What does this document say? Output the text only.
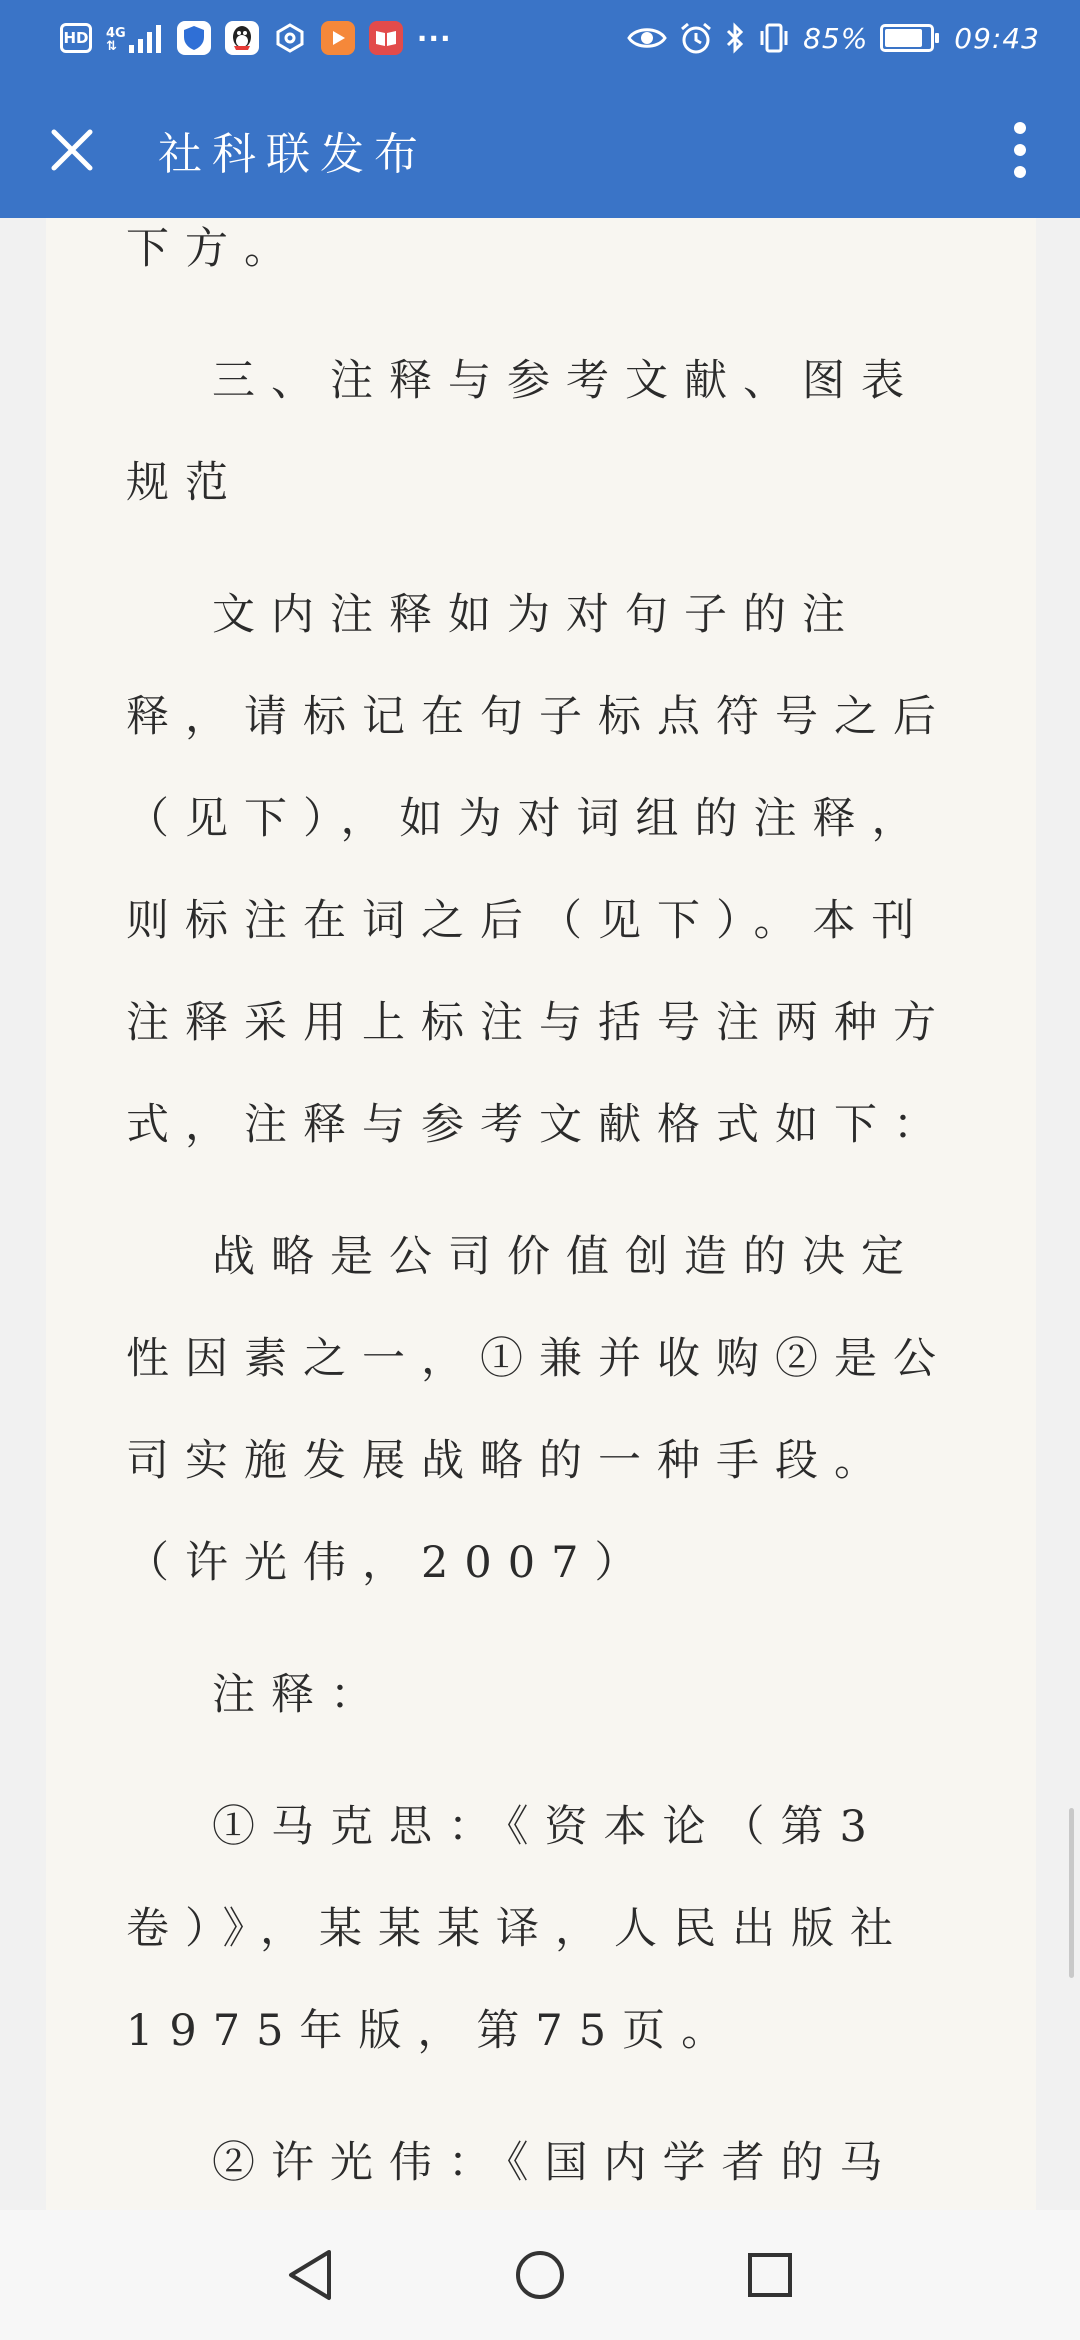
HD 4G
⇅	···	85%	09:43
社科联发布

下方。

三、注释与参考文献、图表规范

文内注释如为对句子的注释，请标记在句子标点符号之后（见下），如为对词组的注释，则标注在词之后（见下）。本刊注释采用上标注与括号注两种方式，注释与参考文献格式如下：

战略是公司价值创造的决定性因素之一，①兼并收购②是公司实施发展战略的一种手段。（许光伟，2007）

注释：

①马克思：《资本论（第3卷）》，某某某译，人民出版社1975年版，第75页。

②许光伟：《国内学者的马
